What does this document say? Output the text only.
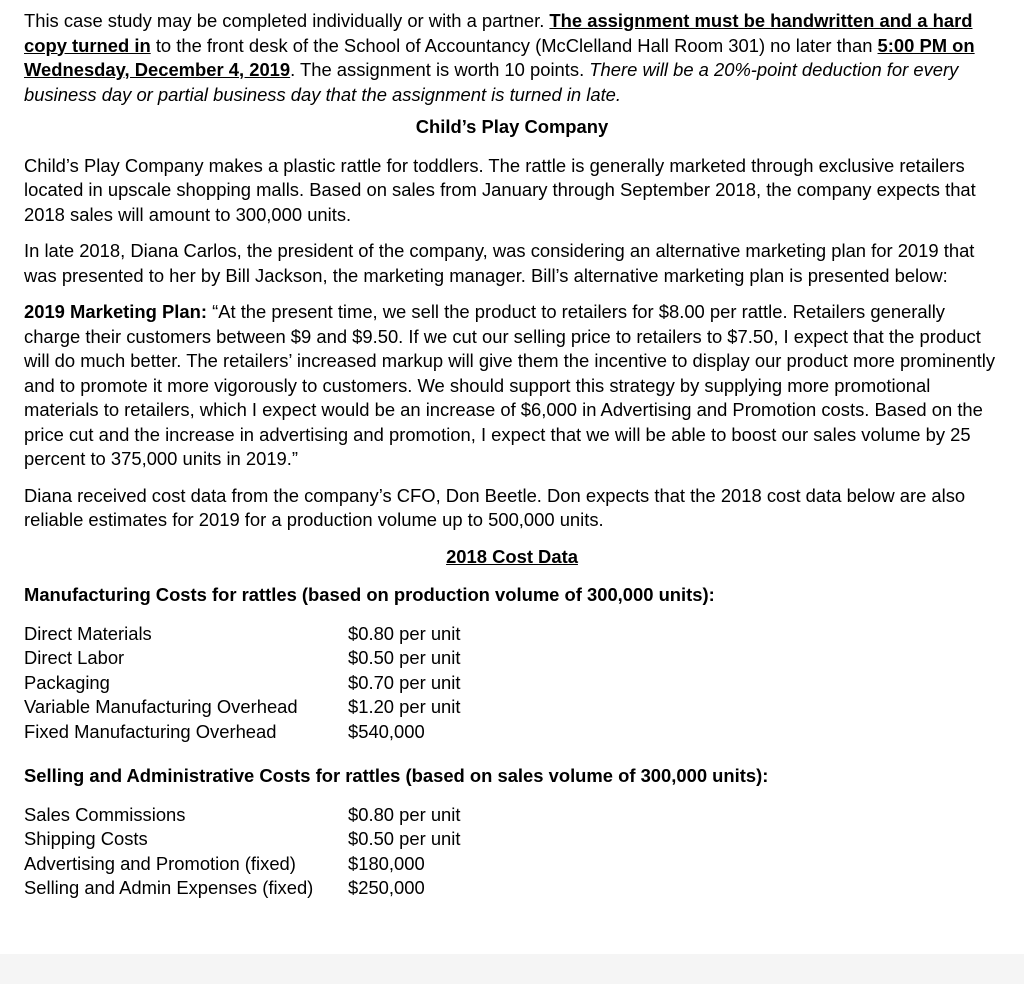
This case study may be completed individually or with a partner. The assignment must be handwritten and a hard copy turned in to the front desk of the School of Accountancy (McClelland Hall Room 301) no later than 5:00 PM on Wednesday, December 4, 2019. The assignment is worth 10 points. There will be a 20%-point deduction for every business day or partial business day that the assignment is turned in late.

Child’s Play Company

Child’s Play Company makes a plastic rattle for toddlers. The rattle is generally marketed through exclusive retailers located in upscale shopping malls. Based on sales from January through September 2018, the company expects that 2018 sales will amount to 300,000 units.

In late 2018, Diana Carlos, the president of the company, was considering an alternative marketing plan for 2019 that was presented to her by Bill Jackson, the marketing manager. Bill’s alternative marketing plan is presented below:

2019 Marketing Plan: “At the present time, we sell the product to retailers for $8.00 per rattle. Retailers generally charge their customers between $9 and $9.50. If we cut our selling price to retailers to $7.50, I expect that the product will do much better. The retailers’ increased markup will give them the incentive to display our product more prominently and to promote it more vigorously to customers. We should support this strategy by supplying more promotional materials to retailers, which I expect would be an increase of $6,000 in Advertising and Promotion costs. Based on the price cut and the increase in advertising and promotion, I expect that we will be able to boost our sales volume by 25 percent to 375,000 units in 2019.”

Diana received cost data from the company’s CFO, Don Beetle. Don expects that the 2018 cost data below are also reliable estimates for 2019 for a production volume up to 500,000 units.

2018 Cost Data

Manufacturing Costs for rattles (based on production volume of 300,000 units):

Direct Materials	$0.80 per unit
Direct Labor	$0.50 per unit
Packaging	$0.70 per unit
Variable Manufacturing Overhead	$1.20 per unit
Fixed Manufacturing Overhead	$540,000

Selling and Administrative Costs for rattles (based on sales volume of 300,000 units):

Sales Commissions	$0.80 per unit
Shipping Costs	$0.50 per unit
Advertising and Promotion (fixed)	$180,000
Selling and Admin Expenses (fixed)	$250,000
